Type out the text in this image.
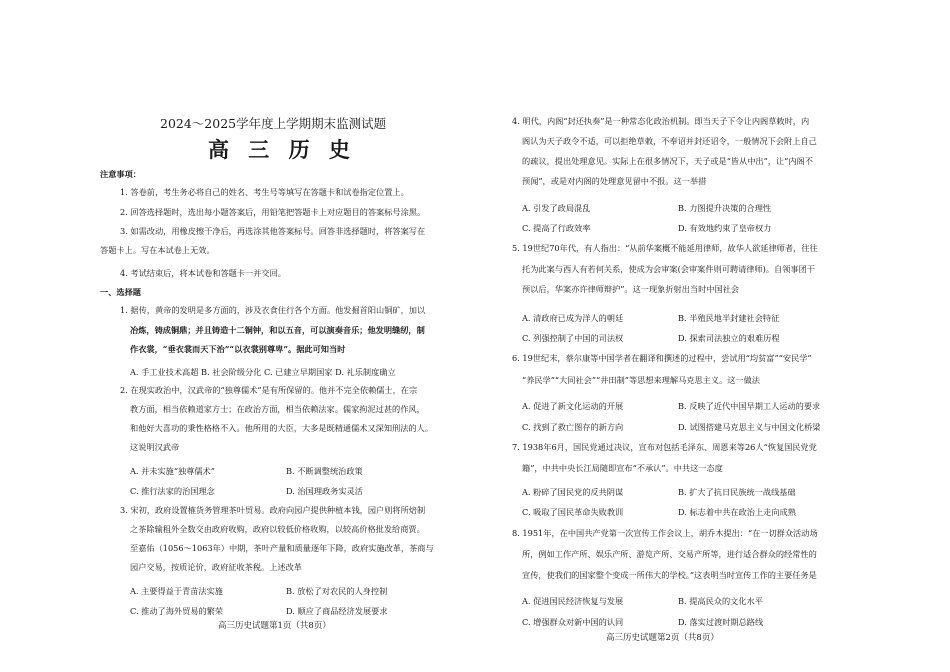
2024～2025学年度上学期期末监测试题
高 三 历 史
注意事项：
1. 答卷前，考生务必将自己的姓名、考生号等填写在答题卡和试卷指定位置上。
2. 回答选择题时，选出每小题答案后，用铅笔把答题卡上对应题目的答案标号涂黑。
3. 如需改动，用橡皮擦干净后，再选涂其他答案标号。回答非选择题时，将答案写在
答题卡上。写在本试卷上无效。
4. 考试结束后，将本试卷和答题卡一并交回。
一、选择题
1. 据传，黄帝的发明是多方面的，涉及衣食住行各个方面。他发掘首阳山铜矿，加以
冶炼，铸成铜鼎；并且铸造十二铜钟，和以五音，可以演奏音乐；他发明缝纫，制
作衣裳，“垂衣裳而天下治”“以衣裳别尊卑”。据此可知当时
A. 手工业技术高超 B. 社会阶级分化 C. 已建立早期国家 D. 礼乐制度确立
2. 在现实政治中，汉武帝的“独尊儒术”是有所保留的。他并不完全依赖儒士，在宗
教方面，相当依赖道家方士；在政治方面，相当依赖法家。儒家拘泥过甚的作风，
和他好大喜功的秉性格格不入。他所用的大臣，大多是既精通儒术又深知刑法的人。
这说明汉武帝
A. 并未实施“独尊儒术”	B. 不断调整统治政策
C. 推行法家的治国理念	D. 治国理政务实灵活
3. 宋初，政府设置榷货务管理茶叶贸易。政府向园户提供种植本钱，园户则将所焙制
之茶除输租外全数交由政府收购，政府以较低价格收购，以较高价格批发给商贾。
至嘉佑（1056～1063年）中期，茶叶产量和质量逐年下降，政府实施改革，茶商与
园户交易，按质论价，政府征收茶税。上述改革
A. 主要得益于青苗法实施	B. 放松了对农民的人身控制
C. 推动了海外贸易的繁荣	D. 顺应了商品经济发展要求
高三历史试题第1页（共8页）
4. 明代，内阁“封还执奏”是一种常态化政治机制。即当天子下令让内阁草敕时，内
阁认为天子政令不适，可以拒绝草敕，不奉诏并封还诏令，一般情况下会附上自己
的疏议，提出处理意见。实际上在很多情况下，天子或是“皆从中出”，让“内阁不
预闻”，或是对内阁的处理意见留中不报。这一举措
A. 引发了政局混乱	B. 力图提升决策的合理性
C. 提高了行政效率	D. 有效地约束了皇帝权力
5. 19世纪70年代，有人指出：“从前华案概不能延用律师，故华人欲延律师者，往往
托为此案与西人有若何关系，使成为会审案(会审案件则可聘请律师)。自领事团干
预以后，华案亦许律师辩护”。这一现象折射出当时中国社会
A. 清政府已成为洋人的朝廷	B. 半殖民地半封建社会特征
C. 列强控制了中国的司法权	D. 探索司法独立的艰难历程
6. 19世纪末，蔡尔康等中国学者在翻译和撰述的过程中，尝试用“均贫富”“安民学”
“养民学”“大同社会”“井田制”等思想来理解马克思主义。这一做法
A. 促进了新文化运动的开展	B. 反映了近代中国早期工人运动的要求
C. 找到了救亡图存的新方向	D. 试图搭建马克思主义与中国文化桥梁
7. 1938年6月，国民党通过决议，宣布对包括毛泽东、周恩来等26人“恢复国民党党
籍”，中共中央长江局随即宣布“不承认”。中共这一态度
A. 粉碎了国民党的反共阴谋	B. 扩大了抗日民族统一战线基础
C. 吸取了国民革命失败教训	D. 标志着中共在政治上走向成熟
8. 1951年，在中国共产党第一次宣传工作会议上，胡乔木提出：“在一切群众活动场
所，例如工作产所、娱乐产所、游览产所、交易产所等，进行适合群众的经常性的
宣传，使我们的国家整个变成一所伟大的学校。”这表明当时宣传工作的主要任务是
A. 促进国民经济恢复与发展	B. 提高民众的文化水平
C. 增强群众对新中国的认同	D. 落实过渡时期总路线
高三历史试题第2页（共8页）
